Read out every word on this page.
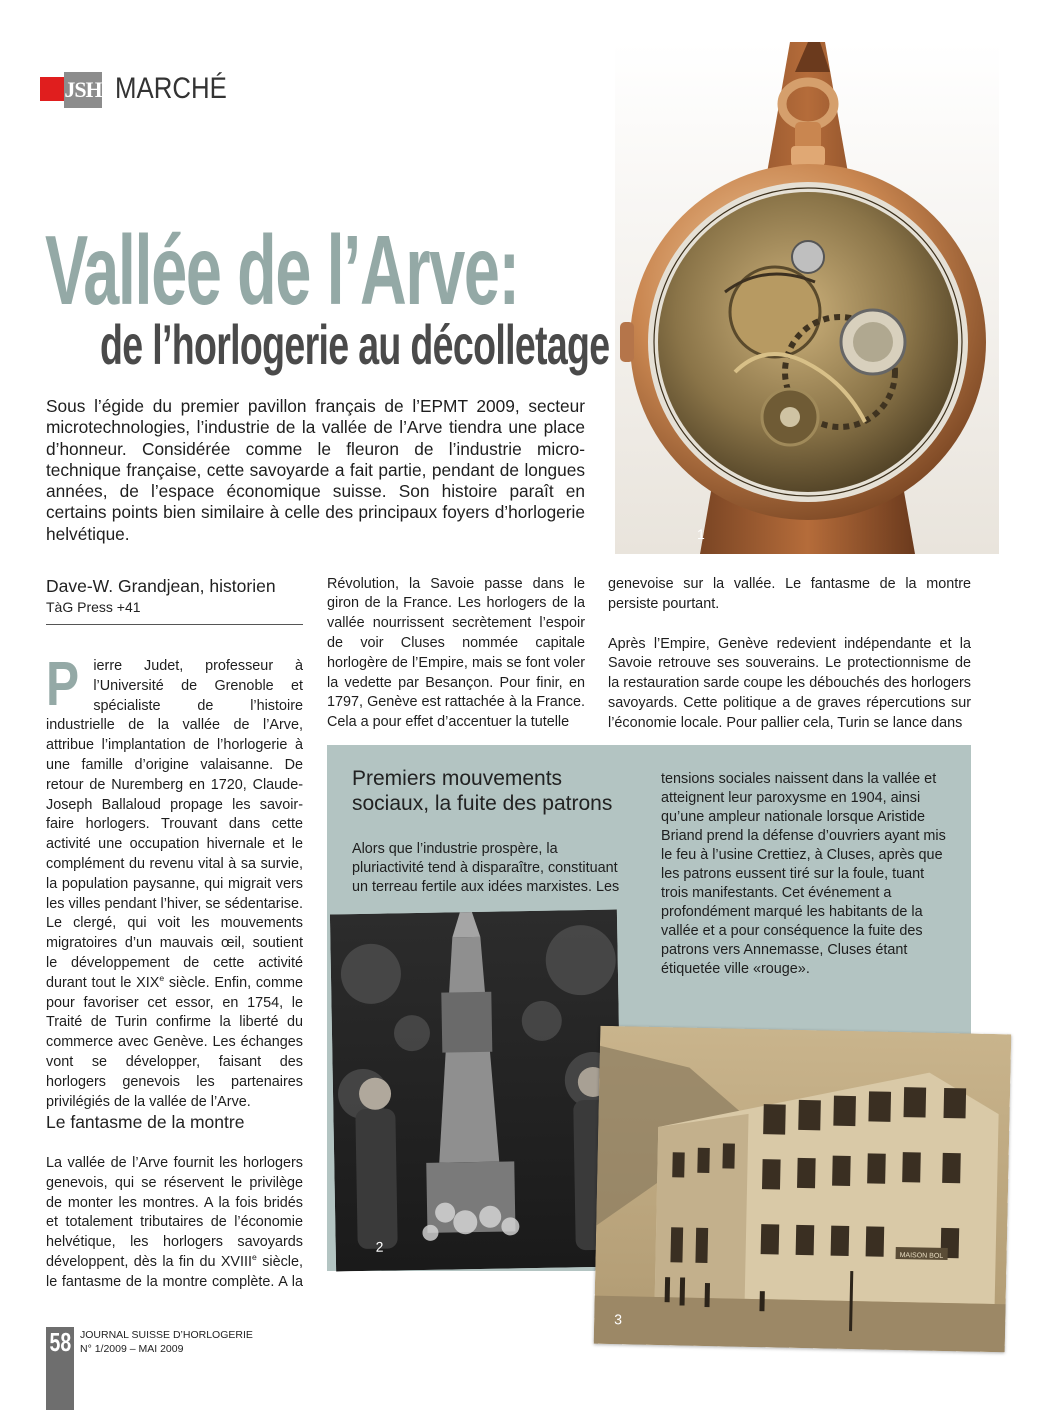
JSH MARCHÉ
Vallée de l’Arve:
de l’horlogerie au décolletage
Sous l’égide du premier pavillon français de l’EPMT 2009, secteur microtechnologies, l’industrie de la vallée de l’Arve tiendra une place d’honneur. Considérée comme le fleuron de l’industrie micro-technique française, cette savoyarde a fait partie, pendant de longues années, de l’espace économique suisse. Son histoire paraît en certains points bien similaire à celle des principaux foyers d’horlogerie helvétique.	1
Dave-W. Grandjean, historien
TàG Press +41

Pierre Judet, professeur à l’Université de Grenoble et spécialiste de l’histoire industrielle de la vallée de l’Arve, attribue l’implantation de l’horlogerie à une famille d’origine valaisanne. De retour de Nuremberg en 1720, Claude-Joseph Ballaloud propage les savoir-faire horlogers. Trouvant dans cette activité une occupation hivernale et le complément du revenu vital à sa survie, la population paysanne, qui migrait vers les villes pendant l’hiver, se sédentarise. Le clergé, qui voit les mouvements migratoires d’un mauvais œil, soutient le développement de cette activité durant tout le XIXe siècle. Enfin, comme pour favoriser cet essor, en 1754, le Traité de Turin confirme la liberté du commerce avec Genève. Les échanges vont se développer, faisant des horlogers genevois les partenaires privilégiés de la vallée de l’Arve.

Le fantasme de la montre

La vallée de l’Arve fournit les horlogers genevois, qui se réservent le privilège de monter les montres. A la fois bridés et totalement tributaires de l’économie helvétique, les horlogers savoyards développent, dès la fin du XVIIIe siècle, le fantasme de la montre complète. A la

Révolution, la Savoie passe dans le giron de la France. Les horlogers de la vallée nourrissent secrètement l’espoir de voir Cluses nommée capitale horlogère de l’Empire, mais se font voler la vedette par Besançon. Pour finir, en 1797, Genève est rattachée à la France. Cela a pour effet d’accentuer la tutelle

genevoise sur la vallée. Le fantasme de la montre persiste pourtant.

Après l’Empire, Genève redevient indépendante et la Savoie retrouve ses souverains. Le protectionnisme de la restauration sarde coupe les débouchés des horlogers savoyards. Cette politique a de graves répercutions sur l’économie locale. Pour pallier cela, Turin se lance dans

Premiers mouvements sociaux, la fuite des patrons
Alors que l’industrie prospère, la pluriactivité tend à disparaître, constituant un terreau fertile aux idées marxistes. Les
tensions sociales naissent dans la vallée et atteignent leur paroxysme en 1904, ainsi qu’une ampleur nationale lorsque Aristide Briand prend la défense d’ouvriers ayant mis le feu à l’usine Crettiez, à Cluses, après que les patrons eussent tiré sur la foule, tuant trois manifestants. Cet événement a profondément marqué les habitants de la vallée et a pour conséquence la fuite des patrons vers Annemasse, Cluses étant étiquetée ville «rouge».
2
MAISON BOL
3
58 JOURNAL SUISSE D’HORLOGERIE
N° 1/2009 – MAI 2009
